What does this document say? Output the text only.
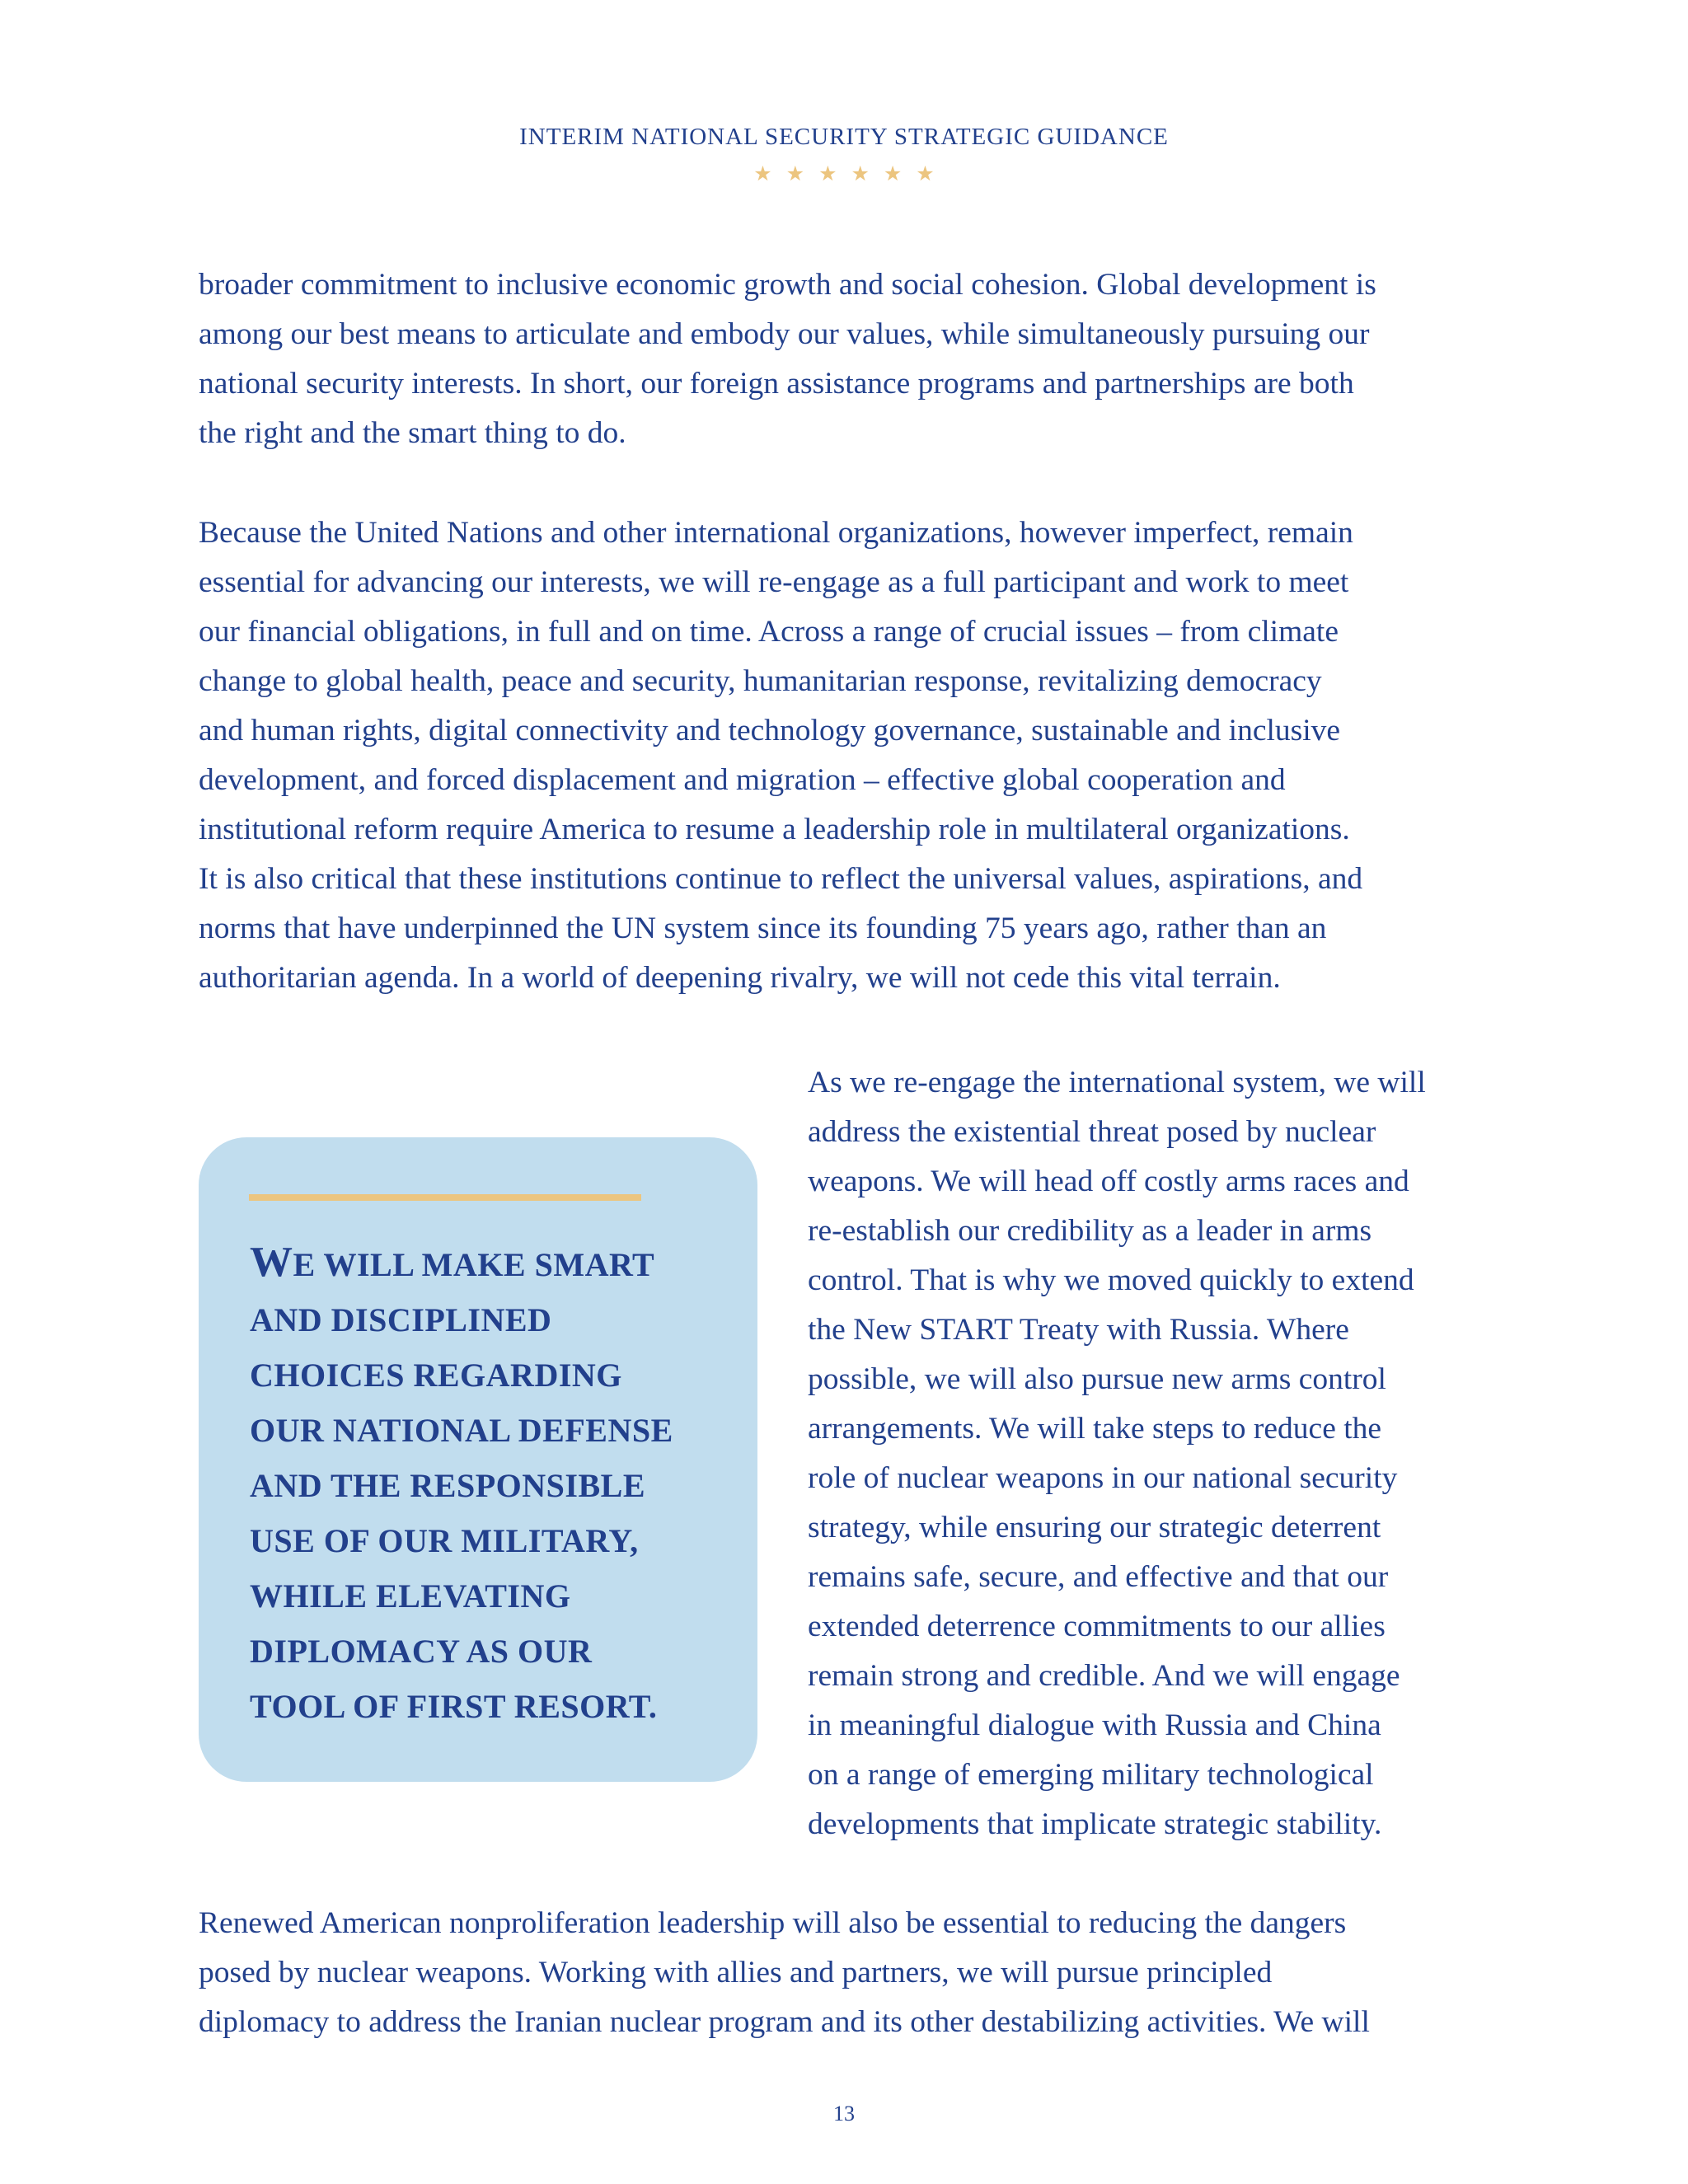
INTERIM NATIONAL SECURITY STRATEGIC GUIDANCE
★★★★★★
broader commitment to inclusive economic growth and social cohesion. Global development is
among our best means to articulate and embody our values, while simultaneously pursuing our
national security interests. In short, our foreign assistance programs and partnerships are both
the right and the smart thing to do.
Because the United Nations and other international organizations, however imperfect, remain
essential for advancing our interests, we will re-engage as a full participant and work to meet
our financial obligations, in full and on time. Across a range of crucial issues – from climate
change to global health, peace and security, humanitarian response, revitalizing democracy
and human rights, digital connectivity and technology governance, sustainable and inclusive
development, and forced displacement and migration – effective global cooperation and
institutional reform require America to resume a leadership role in multilateral organizations.
It is also critical that these institutions continue to reflect the universal values, aspirations, and
norms that have underpinned the UN system since its founding 75 years ago, rather than an
authoritarian agenda. In a world of deepening rivalry, we will not cede this vital terrain.
WE WILL MAKE SMART
AND DISCIPLINED
CHOICES REGARDING
OUR NATIONAL DEFENSE
AND THE RESPONSIBLE
USE OF OUR MILITARY,
WHILE ELEVATING
DIPLOMACY AS OUR
TOOL OF FIRST RESORT.
As we re-engage the international system, we will
address the existential threat posed by nuclear
weapons. We will head off costly arms races and
re-establish our credibility as a leader in arms
control. That is why we moved quickly to extend
the New START Treaty with Russia. Where
possible, we will also pursue new arms control
arrangements. We will take steps to reduce the
role of nuclear weapons in our national security
strategy, while ensuring our strategic deterrent
remains safe, secure, and effective and that our
extended deterrence commitments to our allies
remain strong and credible. And we will engage
in meaningful dialogue with Russia and China
on a range of emerging military technological
developments that implicate strategic stability.
Renewed American nonproliferation leadership will also be essential to reducing the dangers
posed by nuclear weapons. Working with allies and partners, we will pursue principled
diplomacy to address the Iranian nuclear program and its other destabilizing activities. We will
13
